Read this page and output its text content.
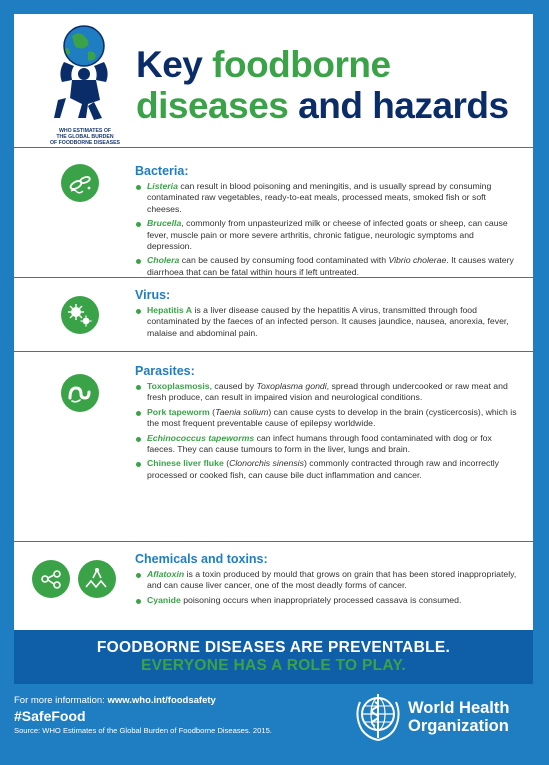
WHO ESTIMATES OF
THE GLOBAL BURDEN
OF FOODBORNE DISEASES
Key foodborne
diseases and hazards
Bacteria:
Listeria can result in blood poisoning and meningitis, and is usually spread by consuming contaminated raw vegetables, ready-to-eat meals, processed meats, smoked fish or soft cheeses.
Brucella, commonly from unpasteurized milk or cheese of infected goats or sheep, can cause fever, muscle pain or more severe arthritis, chronic fatigue, neurologic symptoms and depression.
Cholera can be caused by consuming food contaminated with Vibrio cholerae. It causes watery diarrhoea that can be fatal within hours if left untreated.
Virus:
Hepatitis A is a liver disease caused by the hepatitis A virus, transmitted through food contaminated by the faeces of an infected person. It causes jaundice, nausea, anorexia, fever, malaise and abdominal pain.
Parasites:
Toxoplasmosis, caused by Toxoplasma gondi, spread through undercooked or raw meat and fresh produce, can result in impaired vision and neurological conditions.
Pork tapeworm (Taenia solium) can cause cysts to develop in the brain (cysticercosis), which is the most frequent preventable cause of epilepsy worldwide.
Echinococcus tapeworms can infect humans through food contaminated with dog or fox faeces. They can cause tumours to form in the liver, lungs and brain.
Chinese liver fluke (Clonorchis sinensis) commonly contracted through raw and incorrectly processed or cooked fish, can cause bile duct inflammation and cancer.
Chemicals and toxins:
Aflatoxin is a toxin produced by mould that grows on grain that has been stored inappropriately, and can cause liver cancer, one of the most deadly forms of cancer.
Cyanide poisoning occurs when inappropriately processed cassava is consumed.
FOODBORNE DISEASES ARE PREVENTABLE.
EVERYONE HAS A ROLE TO PLAY.
For more information: www.who.int/foodsafety
#SafeFood
Source: WHO Estimates of the Global Burden of Foodborne Diseases. 2015.
World Health
Organization
